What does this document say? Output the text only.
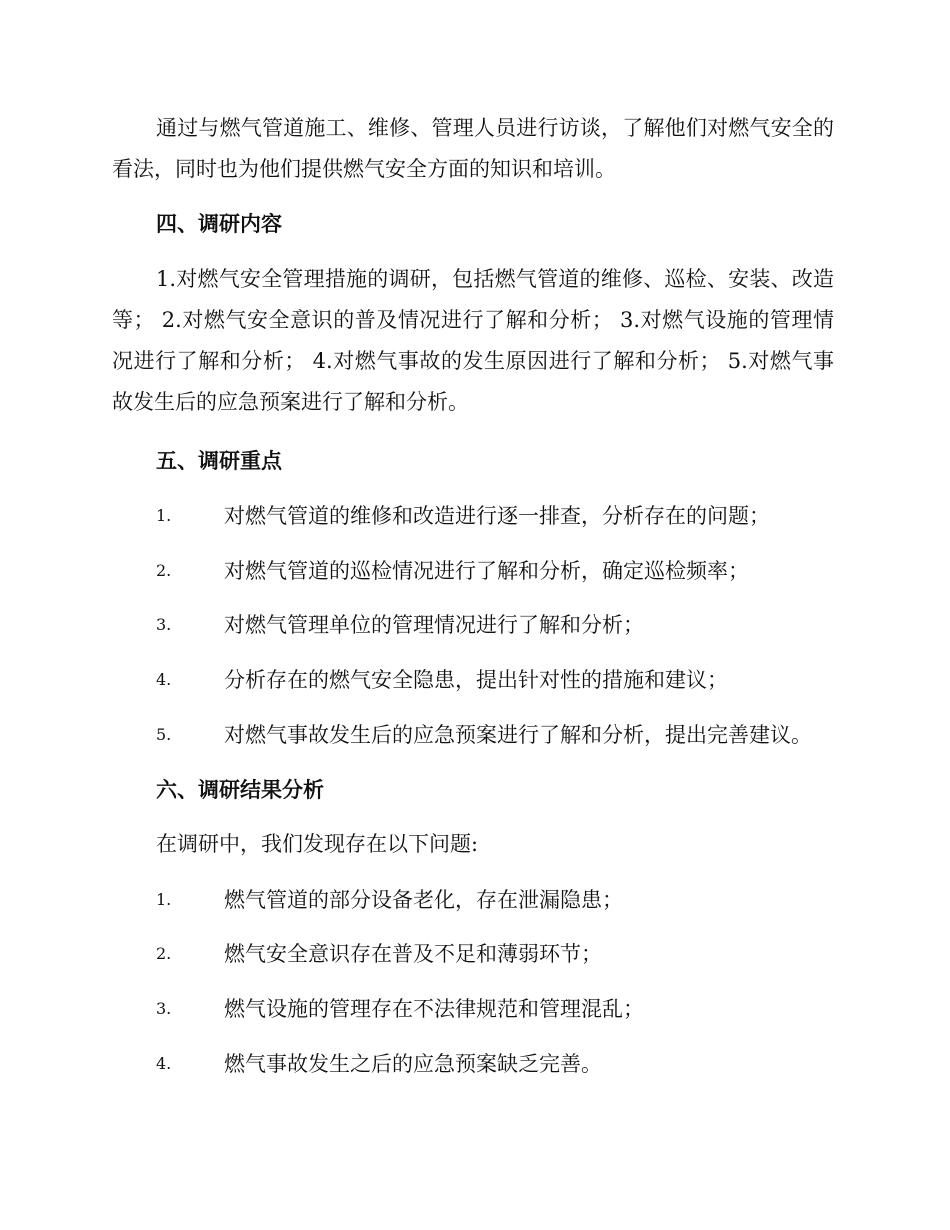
通过与燃气管道施工、维修、管理人员进行访谈，了解他们对燃气安全的看法，同时也为他们提供燃气安全方面的知识和培训。

四、调研内容

1.对燃气安全管理措施的调研，包括燃气管道的维修、巡检、安装、改造等； 2.对燃气安全意识的普及情况进行了解和分析； 3.对燃气设施的管理情况进行了解和分析； 4.对燃气事故的发生原因进行了解和分析； 5.对燃气事故发生后的应急预案进行了解和分析。

五、调研重点
1.	对燃气管道的维修和改造进行逐一排查，分析存在的问题；
2.	对燃气管道的巡检情况进行了解和分析，确定巡检频率；
3.	对燃气管理单位的管理情况进行了解和分析；
4.	分析存在的燃气安全隐患，提出针对性的措施和建议；
5.	对燃气事故发生后的应急预案进行了解和分析，提出完善建议。
六、调研结果分析

在调研中，我们发现存在以下问题:

1.	燃气管道的部分设备老化，存在泄漏隐患；
2.	燃气安全意识存在普及不足和薄弱环节；
3.	燃气设施的管理存在不法律规范和管理混乱；
4.	燃气事故发生之后的应急预案缺乏完善。
